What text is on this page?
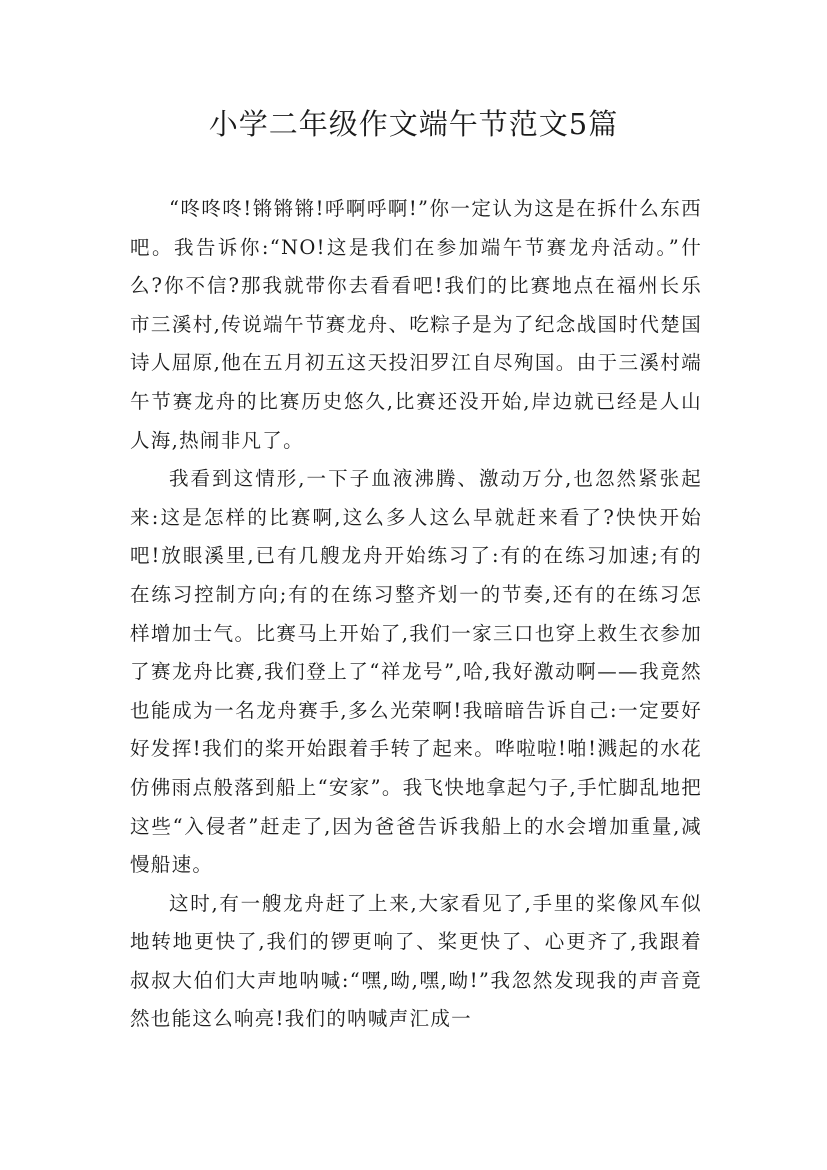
小学二年级作文端午节范文5篇

“咚咚咚!锵锵锵!呼啊呼啊!”你一定认为这是在拆什么东西吧。我告诉你:“NO!这是我们在参加端午节赛龙舟活动。”什么?你不信?那我就带你去看看吧!我们的比赛地点在福州长乐市三溪村,传说端午节赛龙舟、吃粽子是为了纪念战国时代楚国诗人屈原,他在五月初五这天投汨罗江自尽殉国。由于三溪村端午节赛龙舟的比赛历史悠久,比赛还没开始,岸边就已经是人山人海,热闹非凡了。

我看到这情形,一下子血液沸腾、激动万分,也忽然紧张起来:这是怎样的比赛啊,这么多人这么早就赶来看了?快快开始吧!放眼溪里,已有几艘龙舟开始练习了:有的在练习加速;有的在练习控制方向;有的在练习整齐划一的节奏,还有的在练习怎样增加士气。比赛马上开始了,我们一家三口也穿上救生衣参加了赛龙舟比赛,我们登上了“祥龙号”,哈,我好激动啊——我竟然也能成为一名龙舟赛手,多么光荣啊!我暗暗告诉自己:一定要好好发挥!我们的桨开始跟着手转了起来。哗啦啦!啪!溅起的水花仿佛雨点般落到船上“安家”。我飞快地拿起勺子,手忙脚乱地把这些“入侵者”赶走了,因为爸爸告诉我船上的水会增加重量,减慢船速。

这时,有一艘龙舟赶了上来,大家看见了,手里的桨像风车似地转地更快了,我们的锣更响了、桨更快了、心更齐了,我跟着叔叔大伯们大声地呐喊:“嘿,呦,嘿,呦!”我忽然发现我的声音竟然也能这么响亮!我们的呐喊声汇成一
